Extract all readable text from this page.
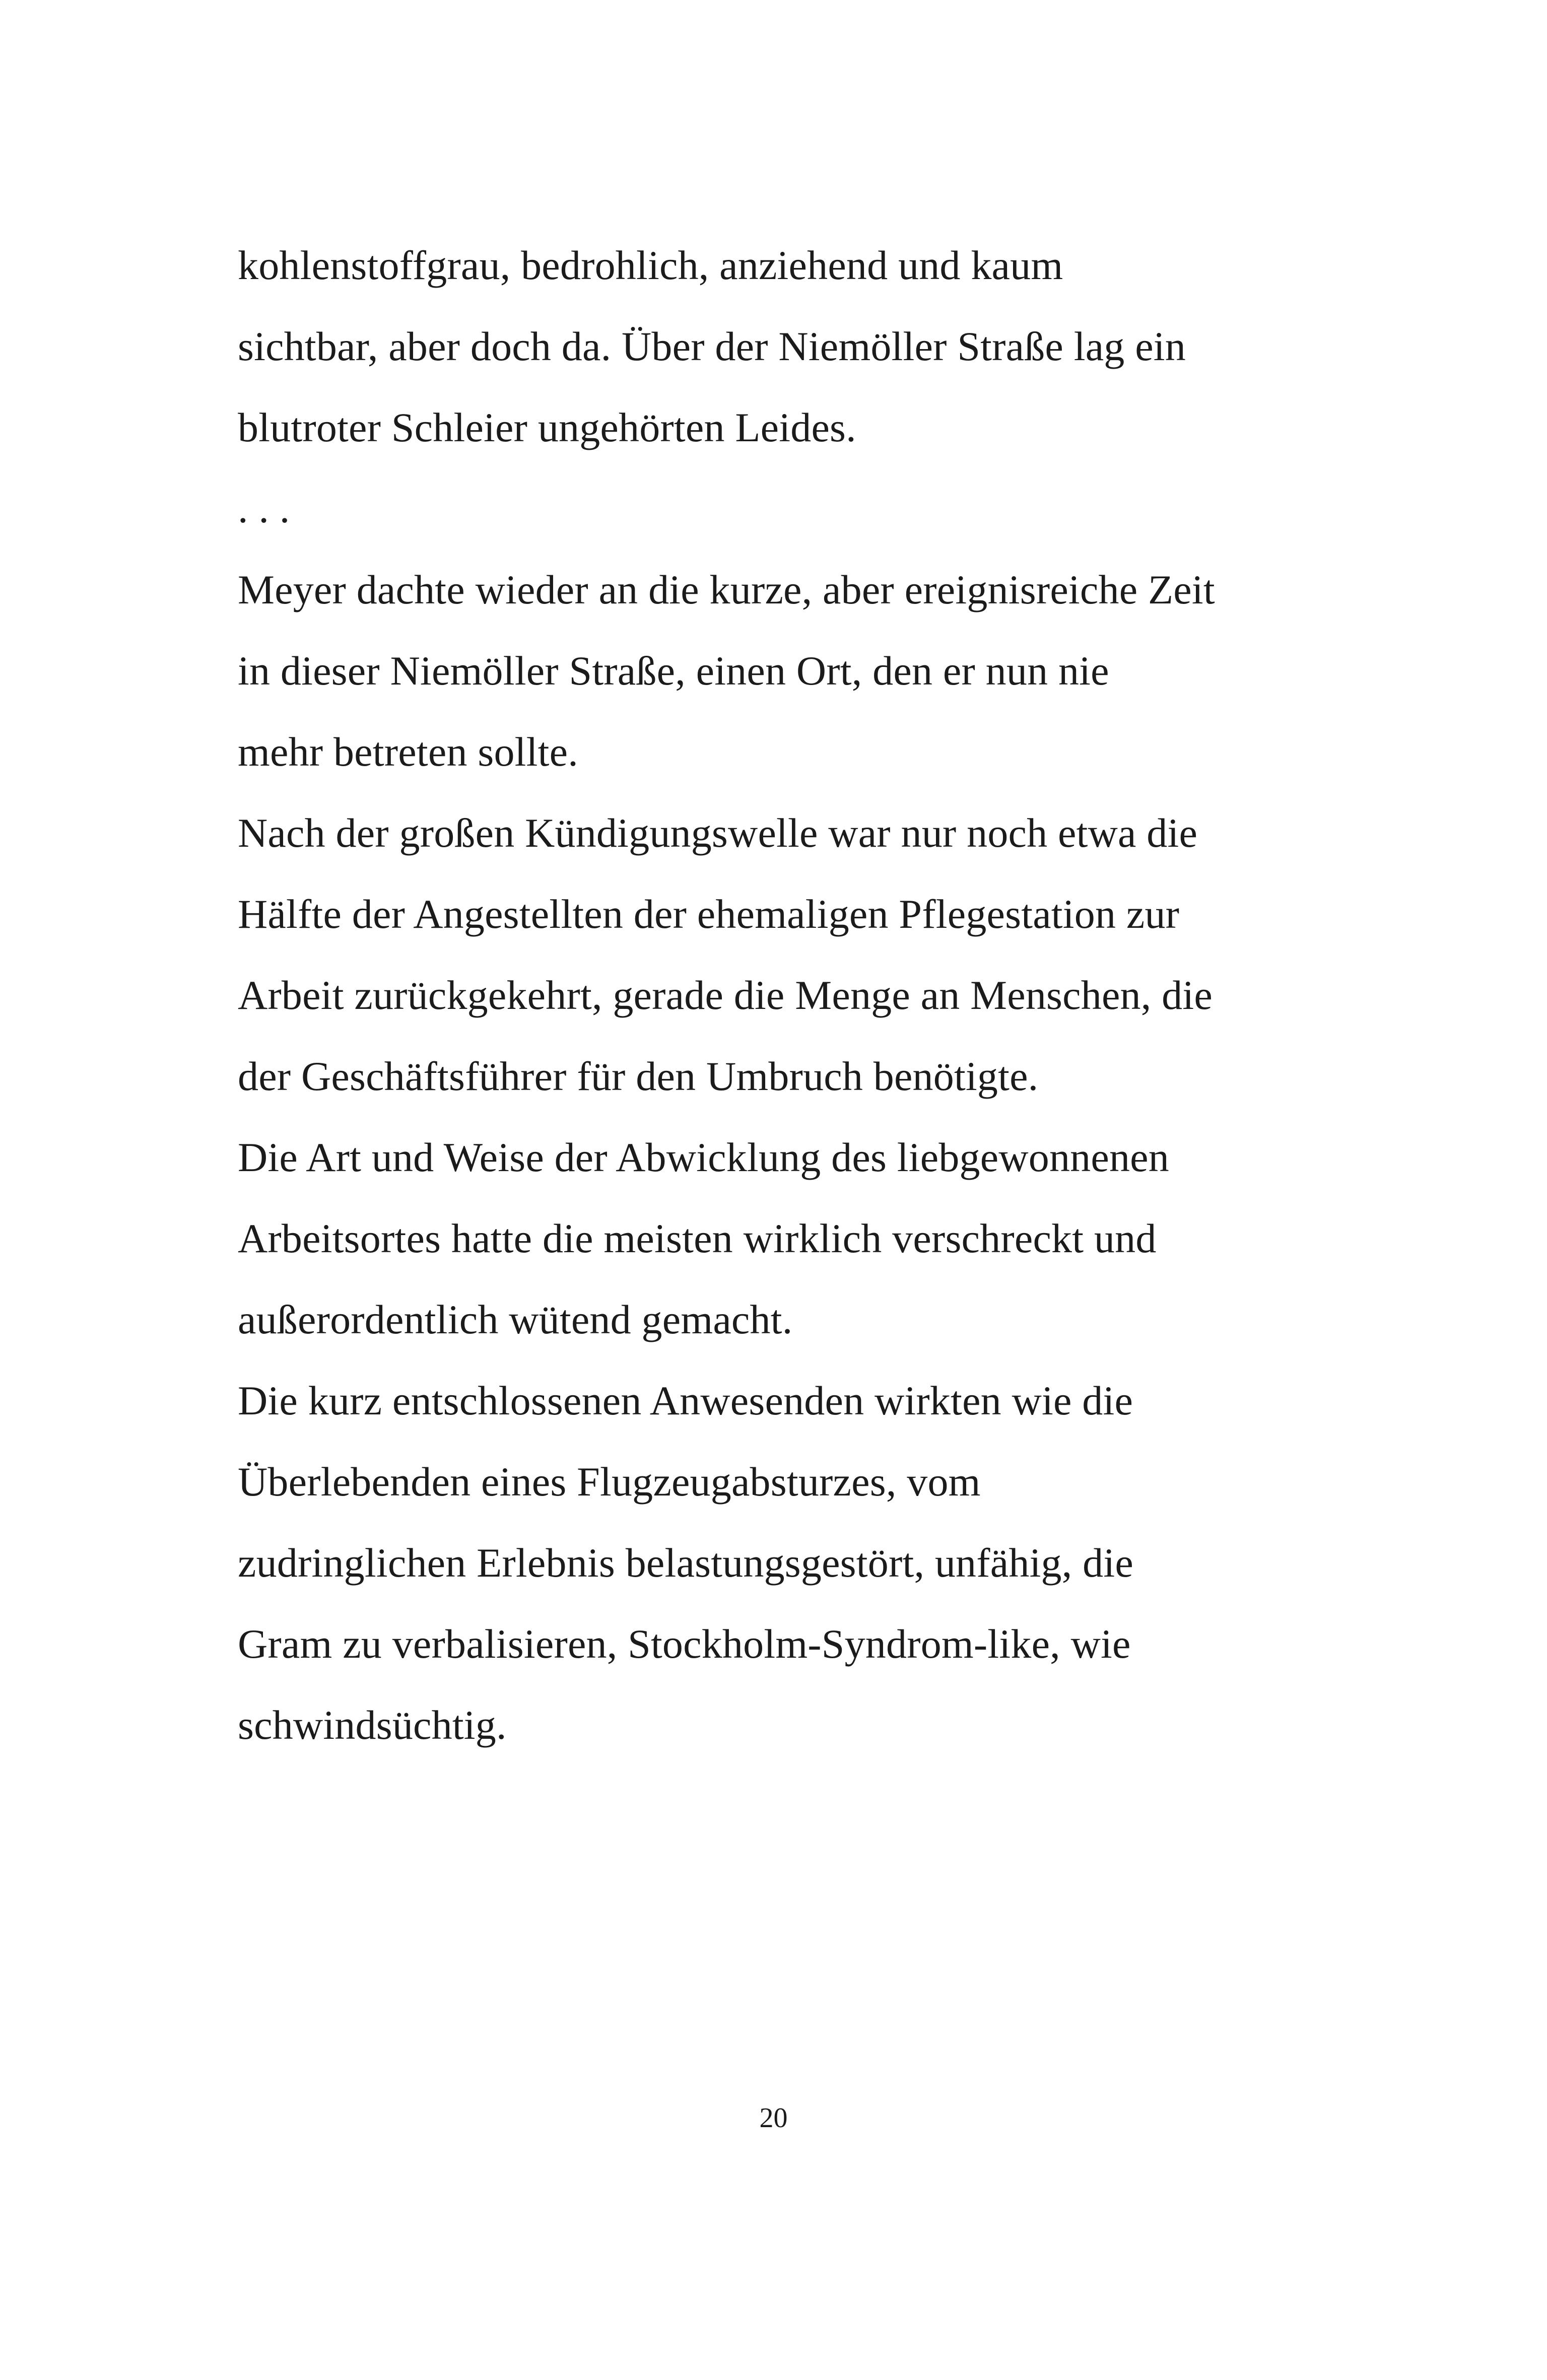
kohlenstoffgrau, bedrohlich, anziehend und kaum
sichtbar, aber doch da. Über der Niemöller Straße lag ein
blutroter Schleier ungehörten Leides.
. . .
Meyer dachte wieder an die kurze, aber ereignisreiche Zeit
in dieser Niemöller Straße, einen Ort, den er nun nie
mehr betreten sollte.
Nach der großen Kündigungswelle war nur noch etwa die
Hälfte der Angestellten der ehemaligen Pflegestation zur
Arbeit zurückgekehrt, gerade die Menge an Menschen, die
der Geschäftsführer für den Umbruch benötigte.
Die Art und Weise der Abwicklung des liebgewonnenen
Arbeitsortes hatte die meisten wirklich verschreckt und
außerordentlich wütend gemacht.
Die kurz entschlossenen Anwesenden wirkten wie die
Überlebenden eines Flugzeugabsturzes, vom
zudringlichen Erlebnis belastungsgestört, unfähig, die
Gram zu verbalisieren, Stockholm-Syndrom-like, wie
schwindsüchtig.
20
